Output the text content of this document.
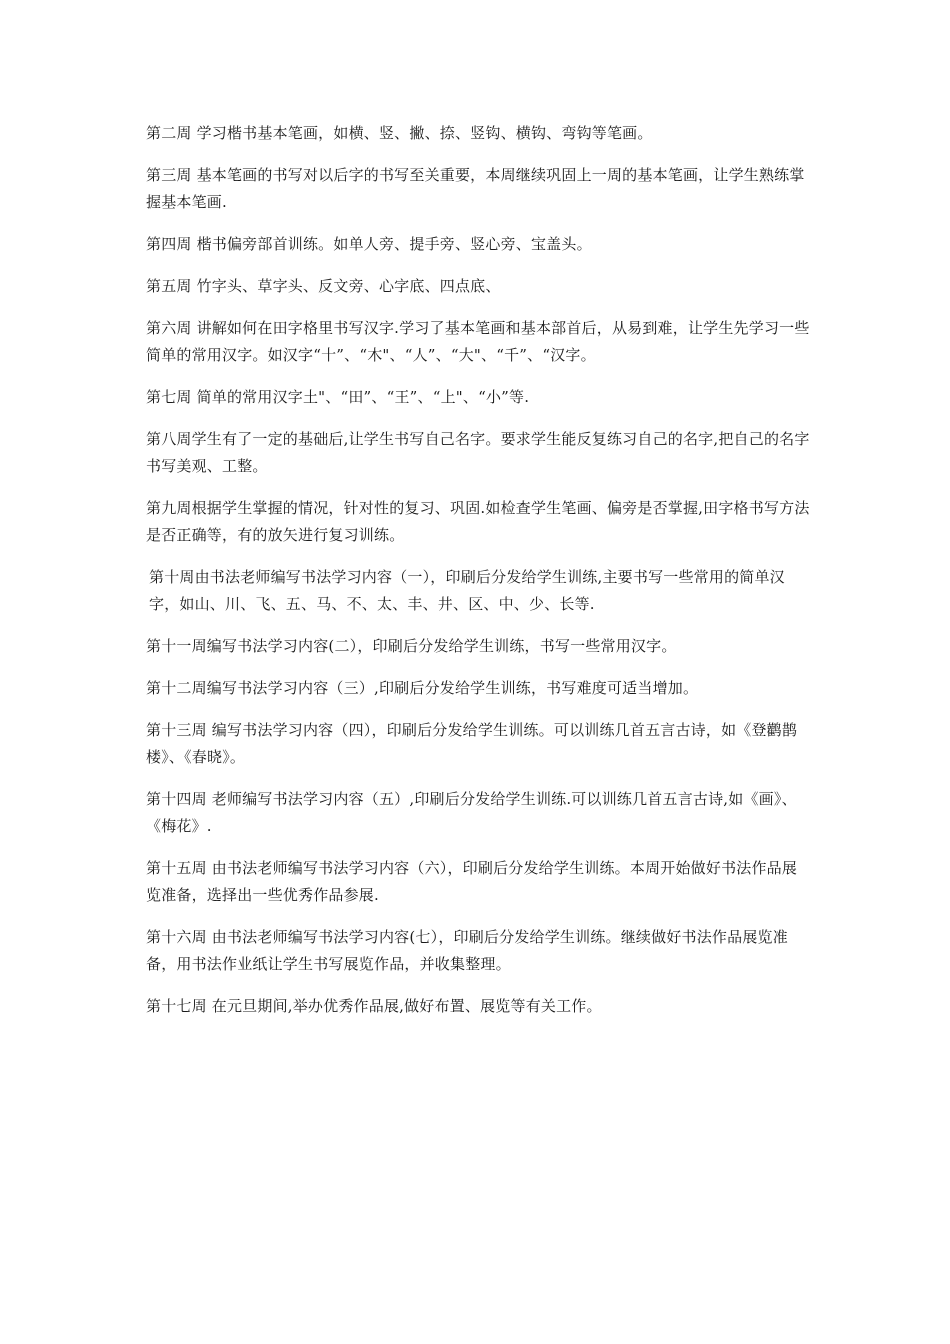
第二周 学习楷书基本笔画，如横、竖、撇、捺、竖钩、横钩、弯钩等笔画。

第三周 基本笔画的书写对以后字的书写至关重要，本周继续巩固上一周的基本笔画，让学生熟练掌握基本笔画.

第四周 楷书偏旁部首训练。如单人旁、提手旁、竖心旁、宝盖头。

第五周 竹字头、草字头、反文旁、心字底、四点底、

第六周 讲解如何在田字格里书写汉字.学习了基本笔画和基本部首后，从易到难，让学生先学习一些简单的常用汉字。如汉字“十”、“木"、“人”、“大"、“千”、“汉字。

第七周 简单的常用汉字土"、“田”、“王”、“上"、“小”等.

第八周学生有了一定的基础后,让学生书写自己名字。要求学生能反复练习自己的名字,把自己的名字书写美观、工整。

第九周根据学生掌握的情况，针对性的复习、巩固.如检查学生笔画、偏旁是否掌握,田字格书写方法是否正确等，有的放矢进行复习训练。

第十周由书法老师编写书法学习内容（一），印刷后分发给学生训练,主要书写一些常用的简单汉字，如山、川、飞、五、马、不、太、丰、井、区、中、少、长等.

第十一周编写书法学习内容(二），印刷后分发给学生训练，书写一些常用汉字。

第十二周编写书法学习内容（三）,印刷后分发给学生训练，书写难度可适当增加。

第十三周 编写书法学习内容（四），印刷后分发给学生训练。可以训练几首五言古诗，如《登鹳鹊楼》、《春晓》。

第十四周 老师编写书法学习内容（五）,印刷后分发给学生训练.可以训练几首五言古诗,如《画》、《梅花》.

第十五周 由书法老师编写书法学习内容（六），印刷后分发给学生训练。本周开始做好书法作品展览准备，选择出一些优秀作品参展.

第十六周 由书法老师编写书法学习内容(七），印刷后分发给学生训练。继续做好书法作品展览准备，用书法作业纸让学生书写展览作品，并收集整理。

第十七周 在元旦期间,举办优秀作品展,做好布置、展览等有关工作。
